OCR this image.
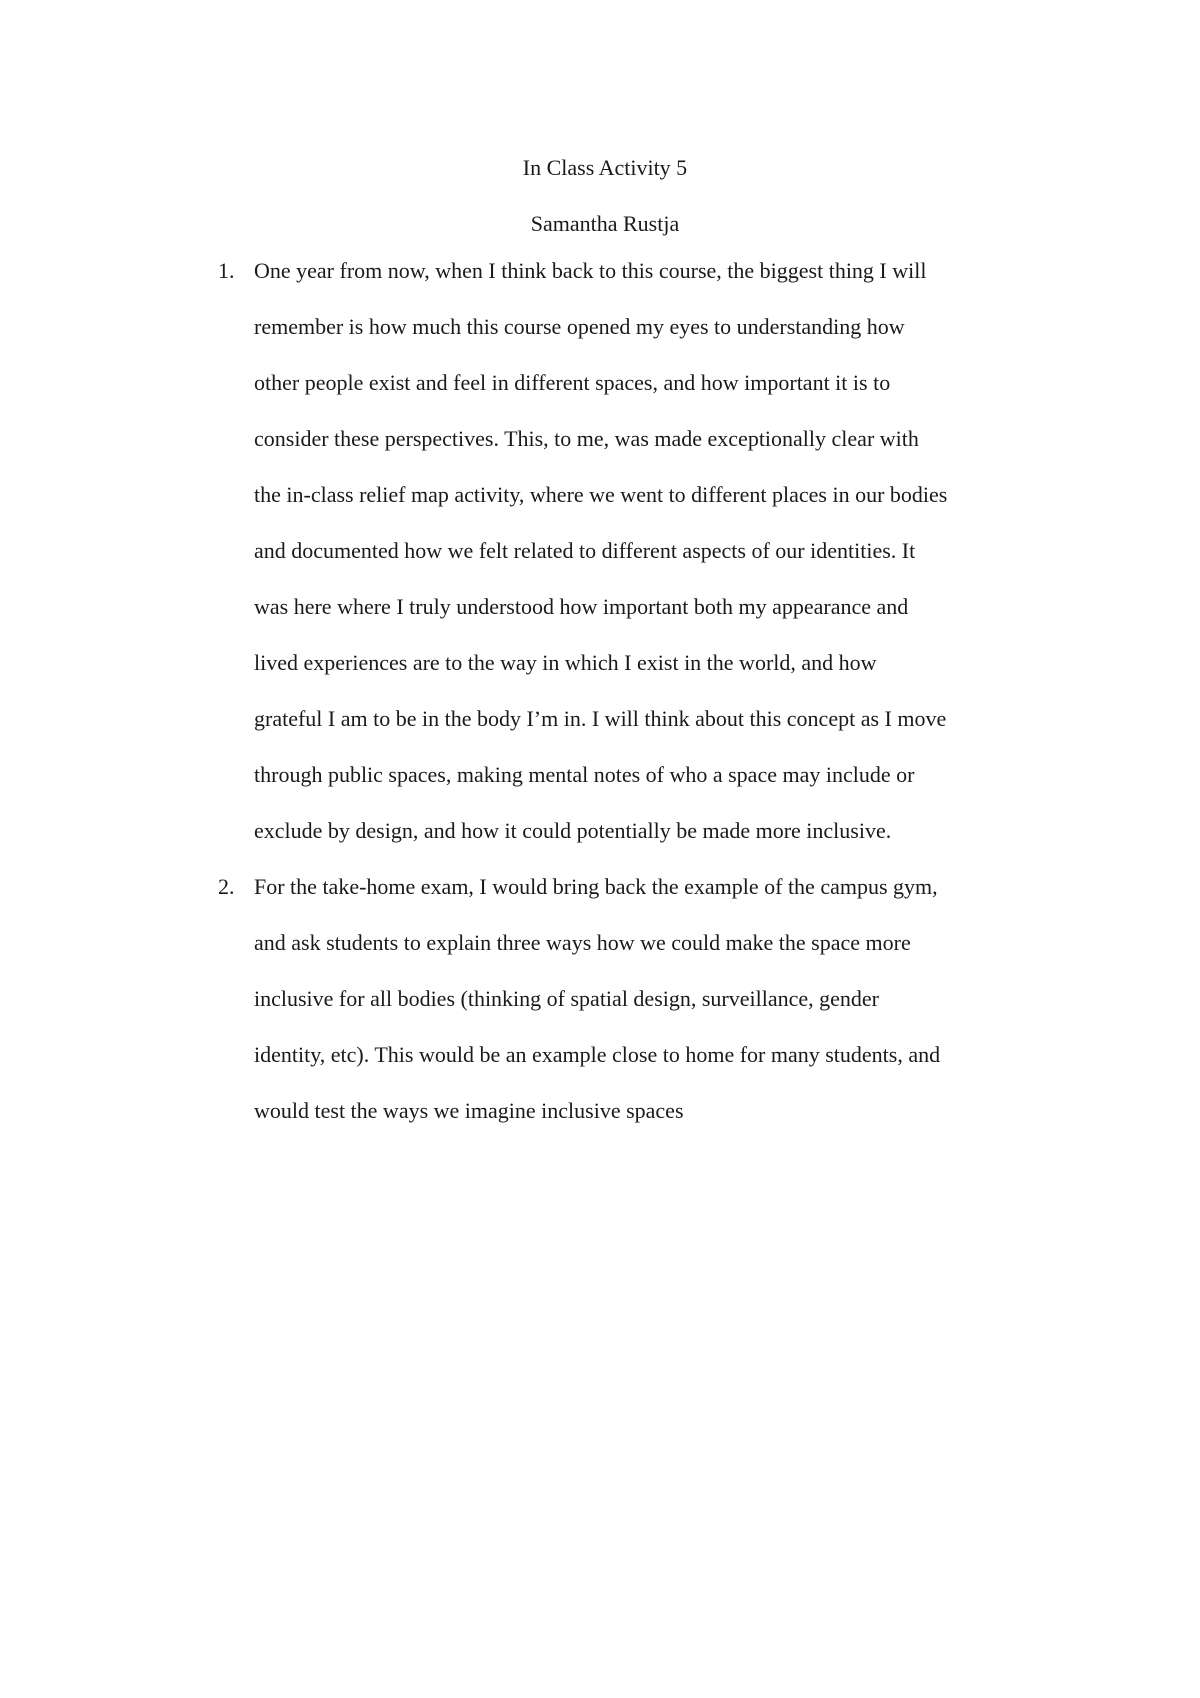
In Class Activity 5
Samantha Rustja
1. One year from now, when I think back to this course, the biggest thing I will
remember is how much this course opened my eyes to understanding how
other people exist and feel in different spaces, and how important it is to
consider these perspectives. This, to me, was made exceptionally clear with
the in-class relief map activity, where we went to different places in our bodies
and documented how we felt related to different aspects of our identities. It
was here where I truly understood how important both my appearance and
lived experiences are to the way in which I exist in the world, and how
grateful I am to be in the body I’m in. I will think about this concept as I move
through public spaces, making mental notes of who a space may include or
exclude by design, and how it could potentially be made more inclusive.
2. For the take-home exam, I would bring back the example of the campus gym,
and ask students to explain three ways how we could make the space more
inclusive for all bodies (thinking of spatial design, surveillance, gender
identity, etc). This would be an example close to home for many students, and
would test the ways we imagine inclusive spaces
